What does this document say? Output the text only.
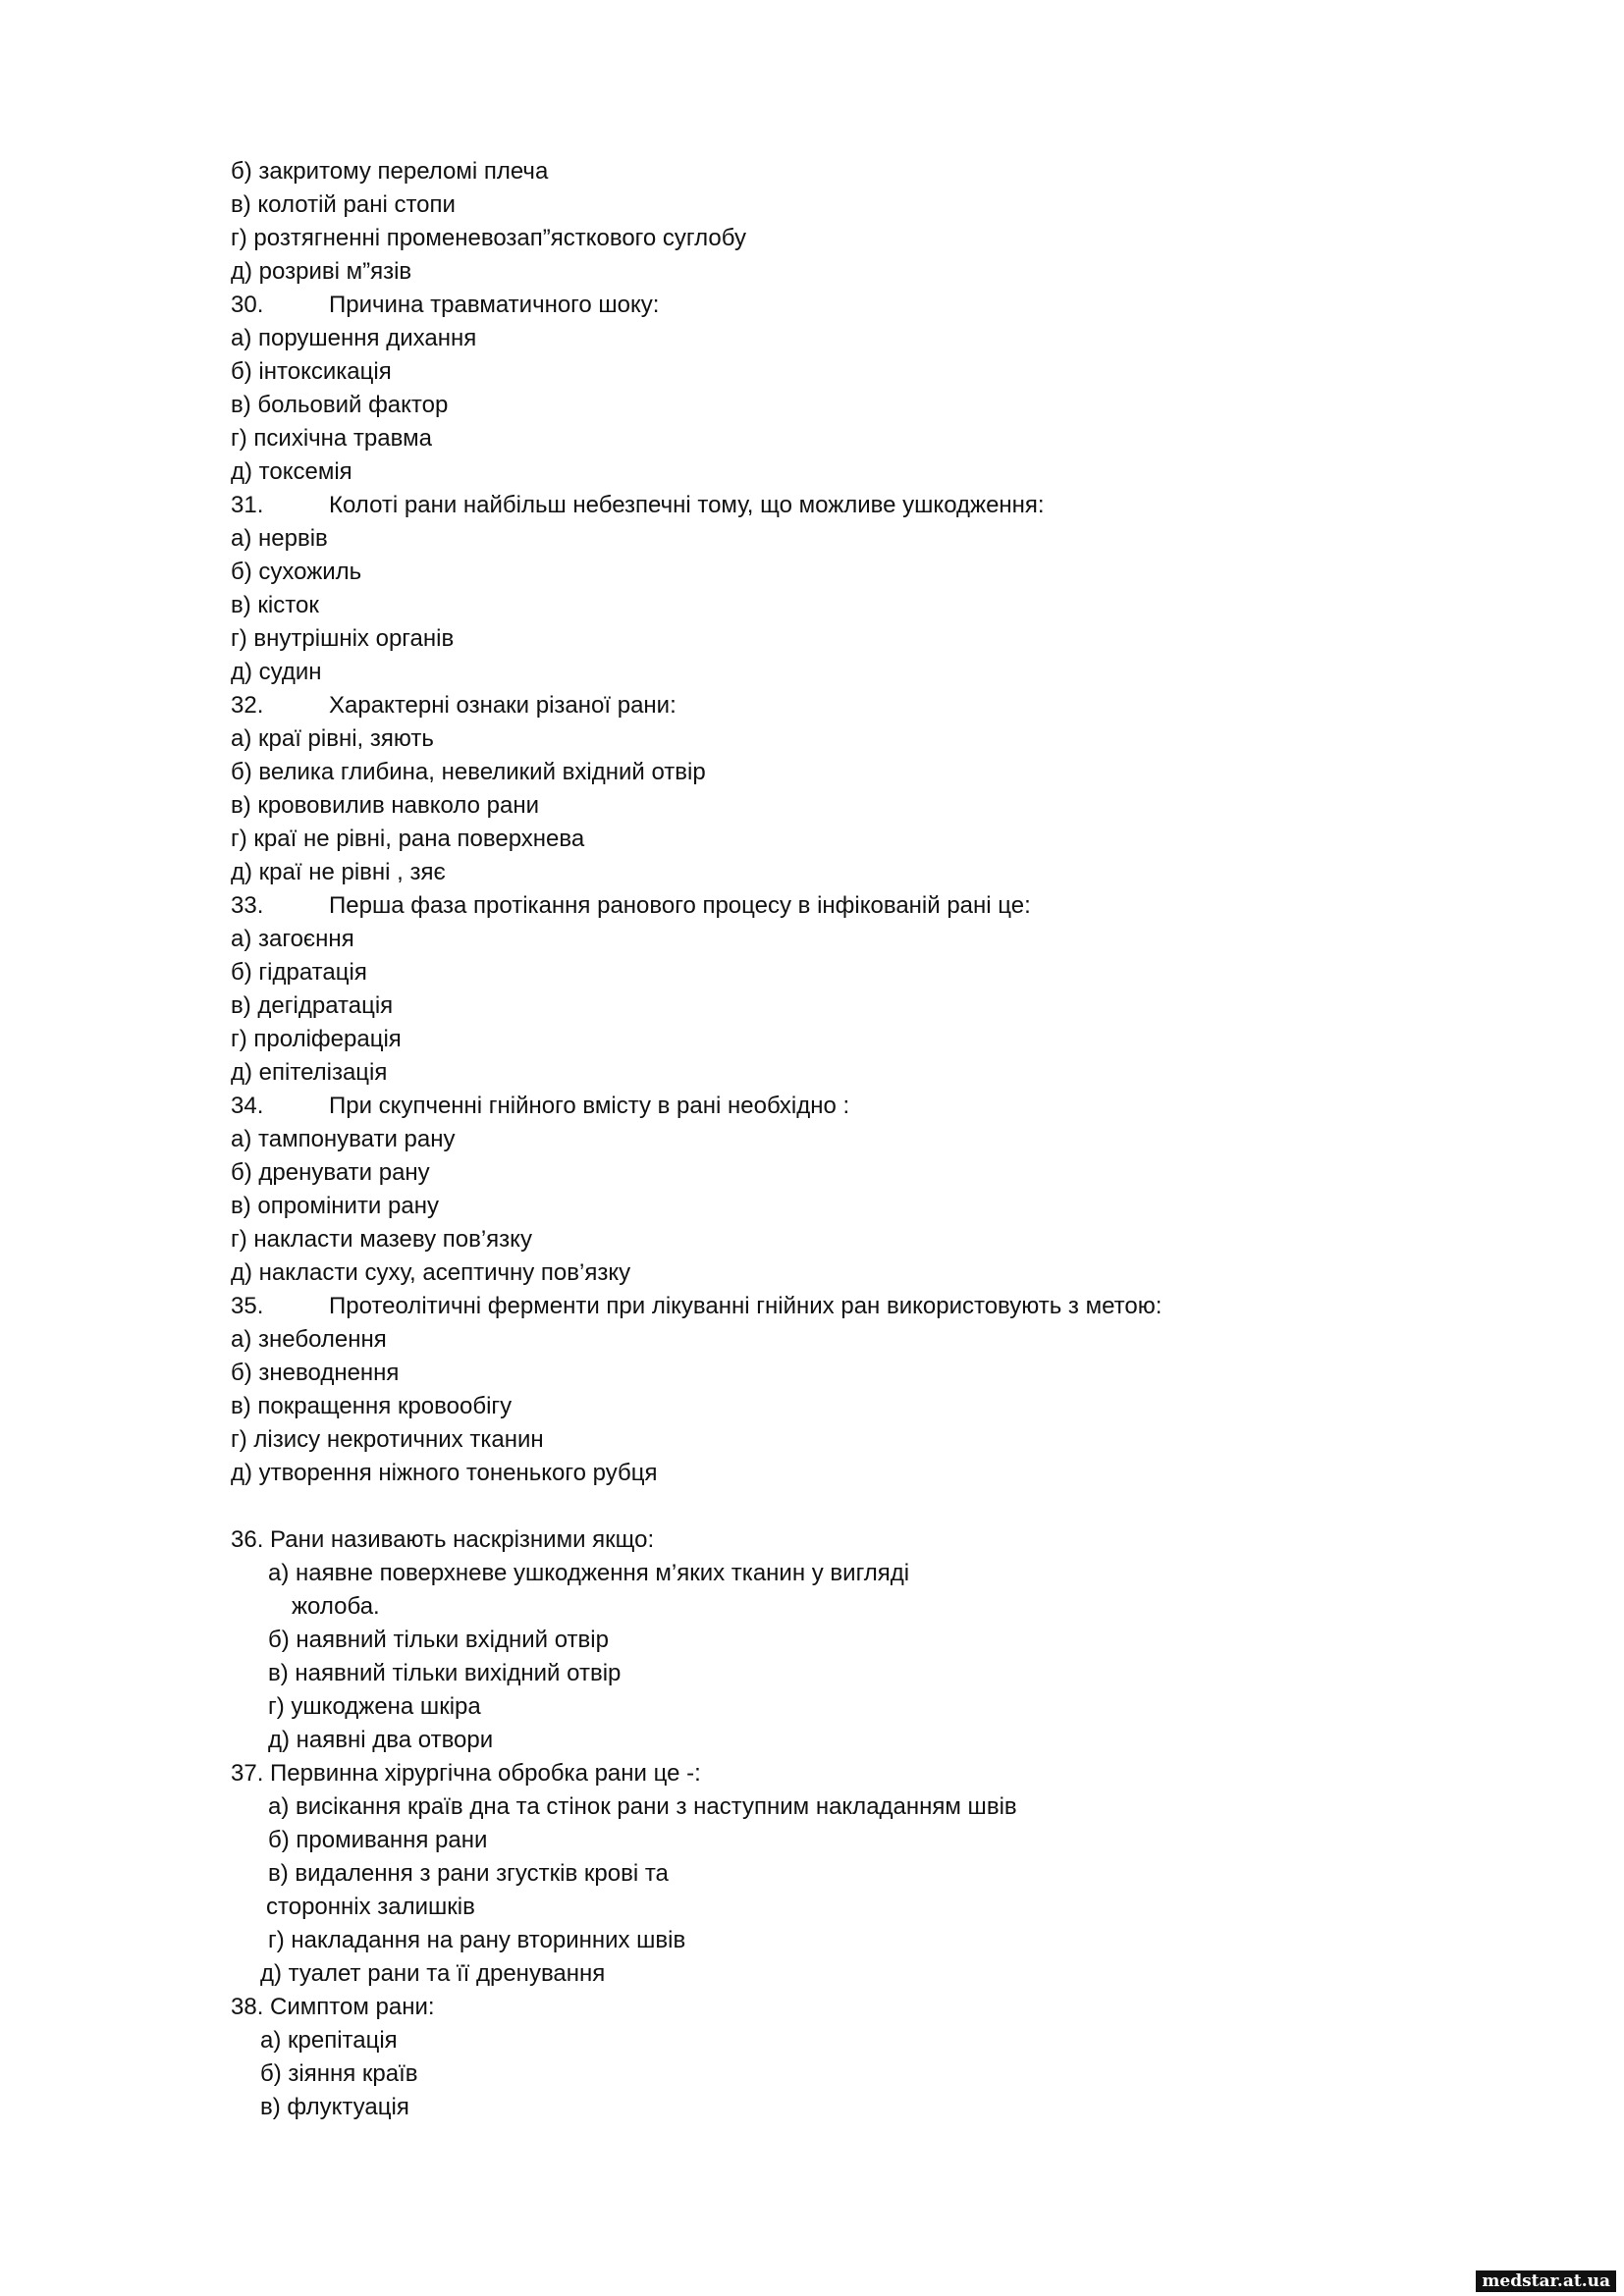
б) закритому переломі плеча
в) колотій рані стопи
г) розтягненні променевозап”ясткового суглобу
д) розриві м”язів
30.	Причина травматичного шоку:
а) порушення дихання
б) інтоксикація
в) больовий фактор
г) психічна травма
д) токсемія
31.	Колоті рани найбільш небезпечні тому, що можливе ушкодження:
а) нервів
б) сухожиль
в) кісток
г) внутрішніх органів
д) судин
32.	Характерні ознаки різаної рани:
а) краї рівні, зяють
б) велика глибина, невеликий вхідний отвір
в) крововилив навколо рани
г) краї не рівні, рана поверхнева
д) краї не рівні , зяє
33.	Перша фаза протікання ранового процесу в інфікованій рані це:
а) загоєння
б) гідратація
в) дегідратація
г) проліферація
д) епітелізація
34.	При скупченні гнійного вмісту в рані необхідно :
а) тампонувати рану
б) дренувати рану
в) опромінити рану
г) накласти мазеву пов’язку
д) накласти суху, асептичну пов’язку
35.	Протеолітичні ферменти при лікуванні гнійних ран використовують з метою:
а) знеболення
б) зневоднення
в) покращення кровообігу
г) лізису некротичних тканин
д) утворення ніжного тоненького рубця
36. Рани називають наскрізними якщо:
а) наявне поверхневе ушкодження м’яких тканин у вигляді
жолоба.
б) наявний тільки вхідний отвір
в) наявний тільки вихідний отвір
г) ушкоджена шкіра
д) наявні два отвори
37. Первинна хірургічна обробка рани це -:
а) висікання країв дна та стінок рани з наступним накладанням швів
б) промивання рани
в) видалення з рани згустків крові та
сторонніх залишків
г) накладання на рану вторинних швів
д) туалет рани та її дренування
38. Симптом рани:
а) крепітація
б) зіяння країв
в) флуктуація
medstar.at.ua
